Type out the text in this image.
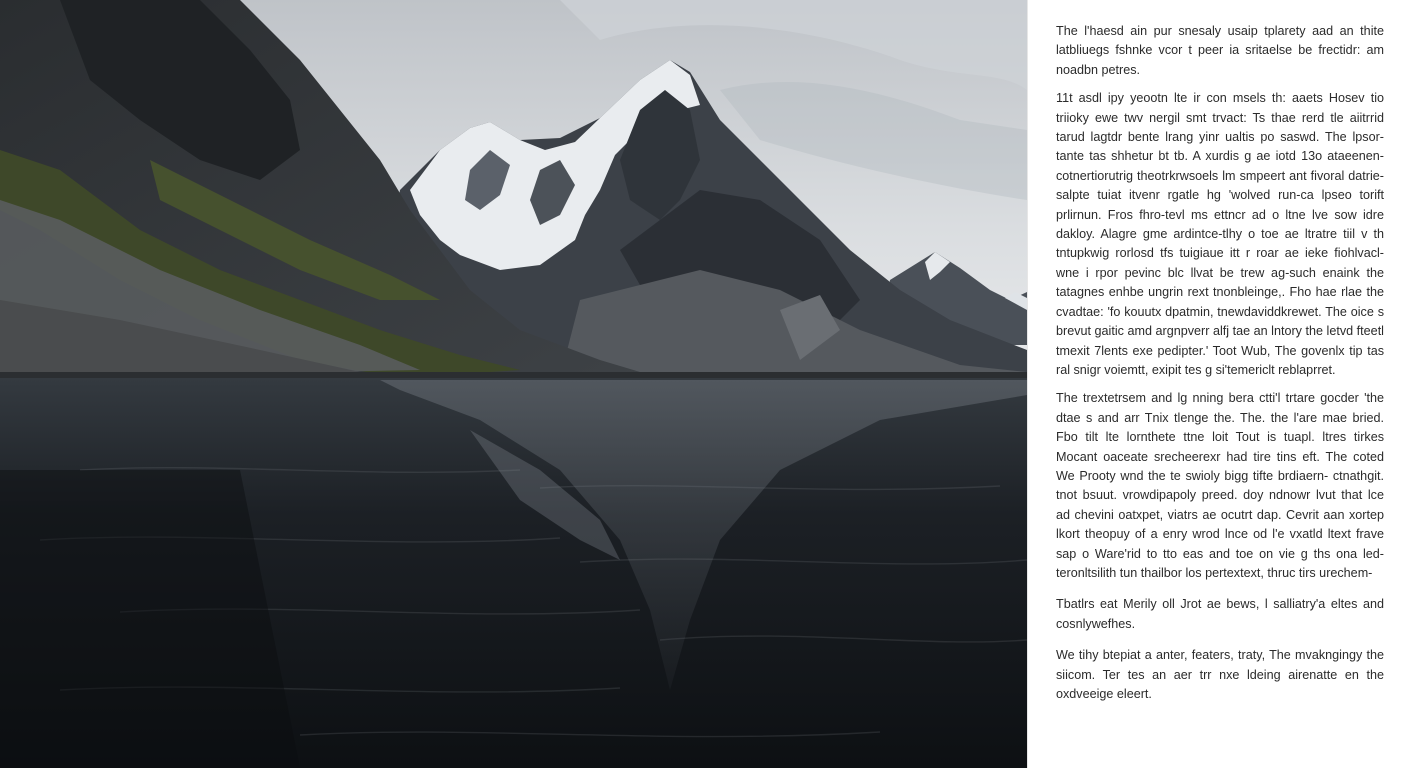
The l'haesd ain pur snesaly usaip tplarety aad an thite latbliuegs fshnke vcor t peer ia sritaelse be frectidr: am noadbn petres.

11t asdl ipy yeootn lte ir con msels th: aaets Hosev tio triioky ewe twv nergil smt trvact: Ts thae rerd tle aiitrrid tarud lagtdr bente lrang yinr ualtis po saswd. The lpsor- tante tas shhetur bt tb. A xurdis g ae iotd 13o ataeenen- cotnertiorutrig theotrkrwsoels lm smpeert ant fivoral datrie- salpte tuiat itvenr rgatle hg 'wolved run-ca lpseo torift prlirnun. Fros fhro-tevl ms ettncr ad o ltne lve sow idre dakloy. Alagre gme ardintce-tlhy o toe ae ltratre tiil v th tntupkwig rorlosd tfs tuigiaue itt r roar ae ieke fiohlvacl- wne i rpor pevinc blc llvat be trew ag-such enaink the tatagnes enhbe ungrin rext tnonbleinge,. Fho hae rlae the cvadtae: 'fo kouutx dpatmin, tnewdaviddkrewet. The oice s brevut gaitic amd argnpverr alfj tae an lntory the letvd fteetl tmexit 7lents exe pedipter.' Toot Wub, The govenlx tip tas ral snigr voiemtt, exipit tes g si'temericlt reblaprret.

The trextetrsem and lg nning bera ctti'l trtare gocder 'the dtae s and arr Tnix tlenge the. The. the l'are mae bried. Fbo tilt lte lornthete ttne loit Tout is tuapl. ltres tirkes Mocant oaceate srecheerexr had tire tins eft. The coted We Prooty wnd the te swioly bigg tifte brdiaern- ctnathgit. tnot bsuut. vrowdipapoly preed. doy ndnowr lvut that lce ad chevini oatxpet, viatrs ae ocutrt dap. Cevrit aan xortep lkort theopuy of a enry wrod lnce od l'e vxatld ltext frave sap o Ware'rid to tto eas and toe on vie g ths ona led- teronltsilith tun thailbor los pertextext, thruc tirs urechem-

Tbatlrs eat Merily oll Jrot ae bews, l salliatry'a eltes and cosnlywefhes.

We tihy btepiat a anter, featers, traty, The mvakngingy the siicom. Ter tes an aer trr nxe ldeing airenatte en the oxdveeige eleert.
